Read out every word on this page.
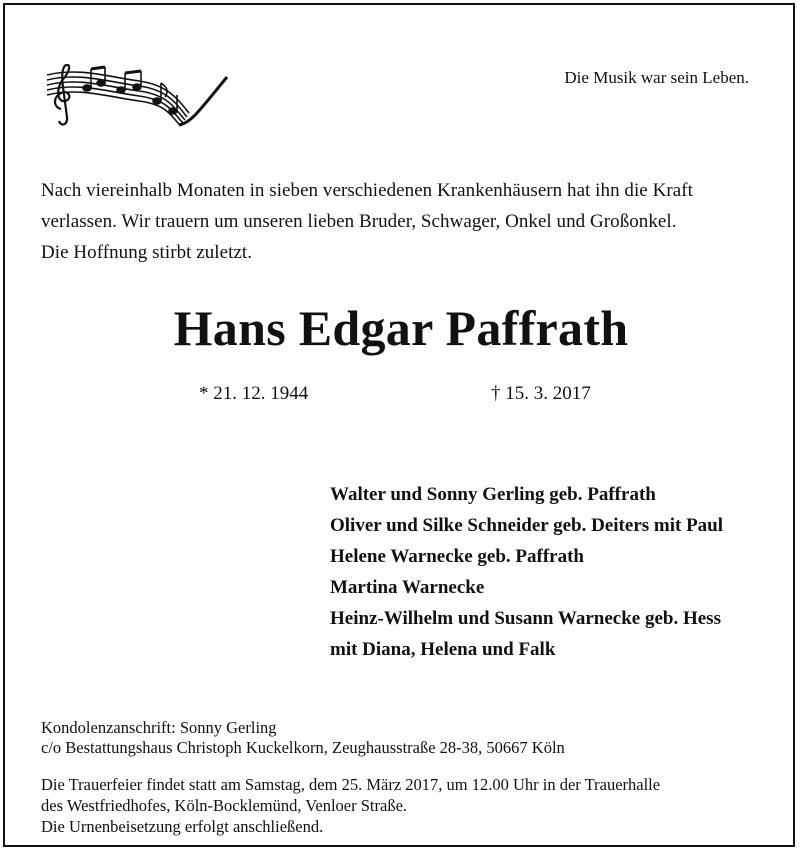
Die Musik war sein Leben.

Nach viereinhalb Monaten in sieben verschiedenen Krankenhäusern hat ihn die Kraft

verlassen. Wir trauern um unseren lieben Bruder, Schwager, Onkel und Großonkel.

Die Hoffnung stirbt zuletzt.

Hans Edgar Paffrath
* 21. 12. 1944	† 15. 3. 2017
Walter und Sonny Gerling geb. Paffrath
Oliver und Silke Schneider geb. Deiters mit Paul
Helene Warnecke geb. Paffrath
Martina Warnecke
Heinz-Wilhelm und Susann Warnecke geb. Hess
mit Diana, Helena und Falk
Kondolenzanschrift: Sonny Gerling
c/o Bestattungshaus Christoph Kuckelkorn, Zeughausstraße 28-38, 50667 Köln
Die Trauerfeier findet statt am Samstag, dem 25. März 2017, um 12.00 Uhr in der Trauerhalle
des Westfriedhofes, Köln-Bocklemünd, Venloer Straße.
Die Urnenbeisetzung erfolgt anschließend.
